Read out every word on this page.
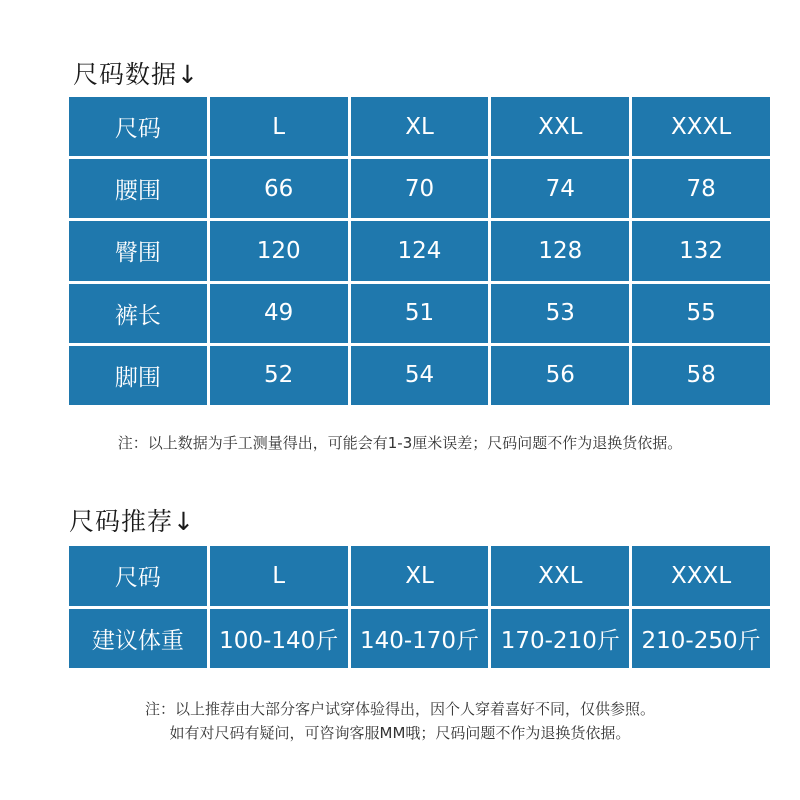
尺码数据↓
尺码	L	XL	XXL	XXXL
腰围	66	70	74	78
臀围	120	124	128	132
裤长	49	51	53	55
脚围	52	54	56	58
注：以上数据为手工测量得出，可能会有1-3厘米误差；尺码问题不作为退换货依据。
尺码推荐↓
尺码	L	XL	XXL	XXXL
建议体重	100-140斤	140-170斤	170-210斤	210-250斤
注：以上推荐由大部分客户试穿体验得出，因个人穿着喜好不同，仅供参照。
如有对尺码有疑问，可咨询客服MM哦；尺码问题不作为退换货依据。
